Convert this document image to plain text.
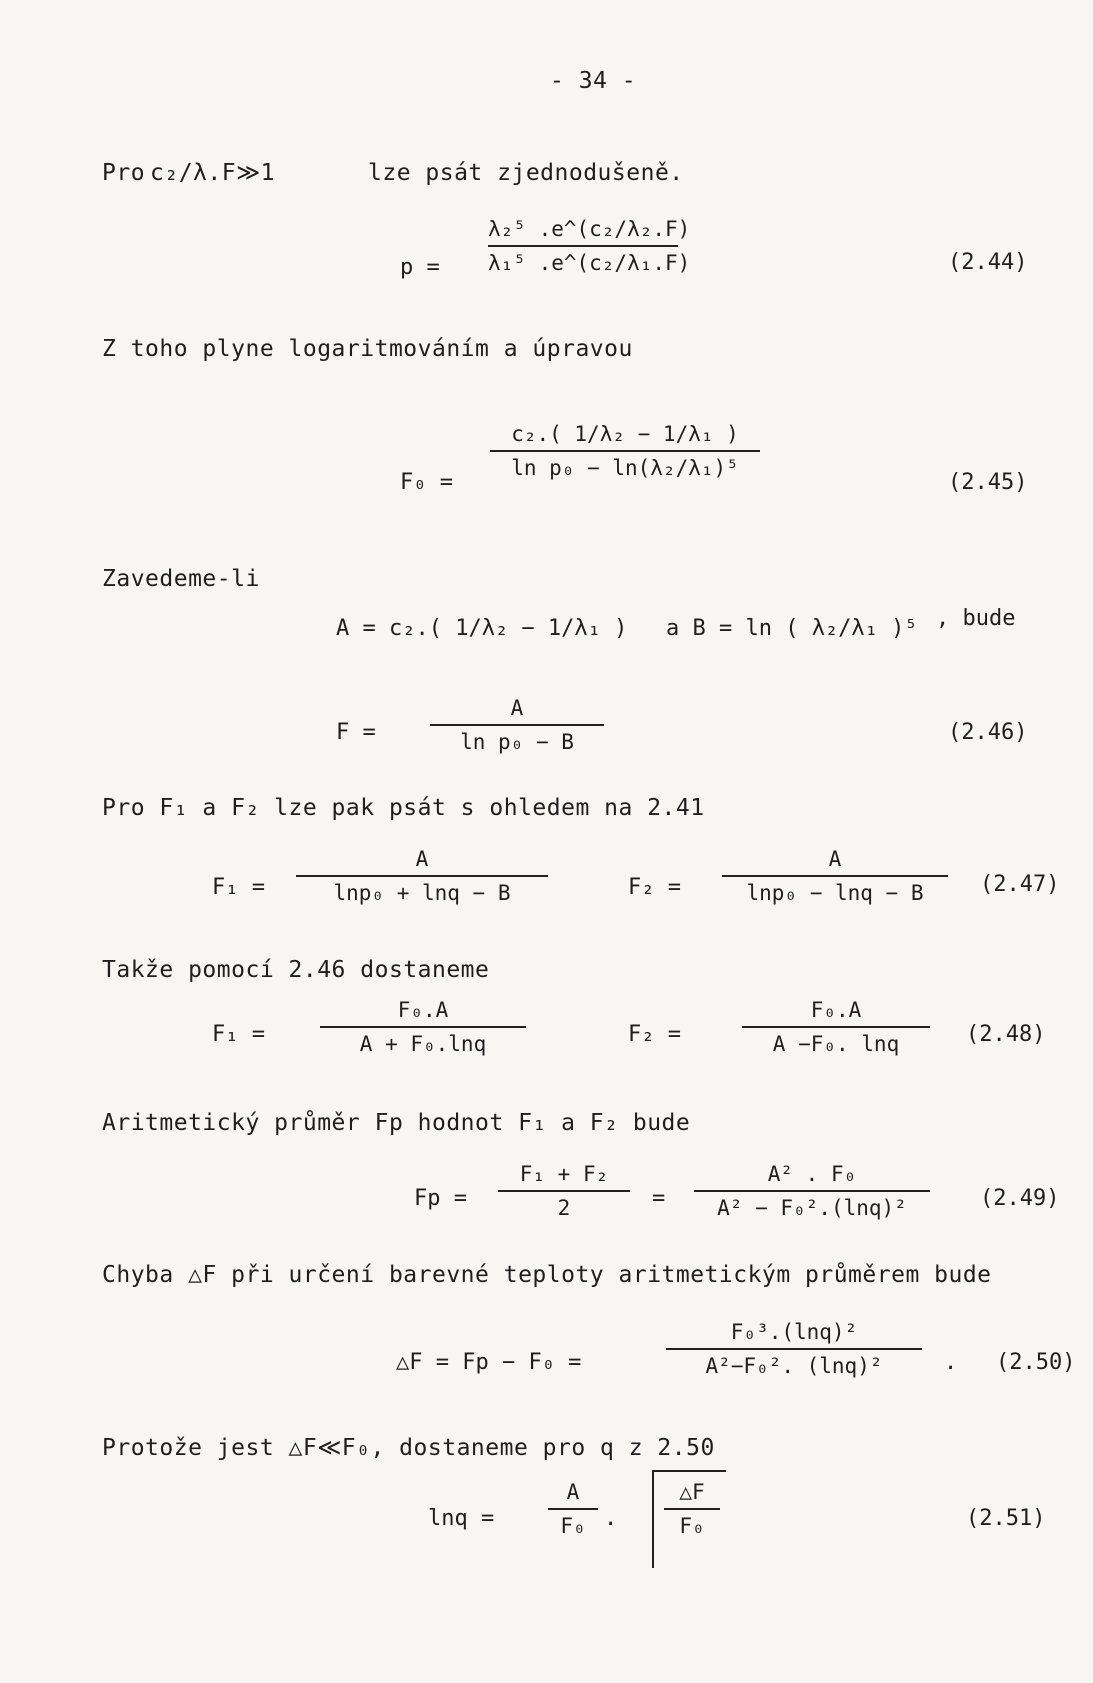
- 34 -
Pro c₂/λ.F≫1	lze psát zjednodušeně.
p =
λ₂⁵ .e^(c₂/λ₂.F)
λ₁⁵ .e^(c₂/λ₁.F)	(2.44)
Z toho plyne logaritmováním a úpravou
F₀ =
c₂.( 1/λ₂ − 1/λ₁ )
ln p₀ − ln(λ₂/λ₁)⁵
(2.45)
Zavedeme-li
A = c₂.( 1/λ₂ − 1/λ₁ ) a B = ln ( λ₂/λ₁ )⁵ , bude
F =
A
ln p₀ − B	(2.46)
Pro F₁ a F₂ lze pak psát s ohledem na 2.41
F₁ =
A
lnp₀ + lnq − B	F₂ =
A
lnp₀ − lnq − B	(2.47)
Takže pomocí 2.46 dostaneme
F₁ =
F₀.A
A + F₀.lnq	F₂ =
F₀.A
A −F₀. lnq	(2.48)
Aritmetický průměr Fp hodnot F₁ a F₂ bude
Fp =
F₁ + F₂
2	=
A² . F₀
A² − F₀².(lnq)²	(2.49)
Chyba △F při určení barevné teploty aritmetickým průměrem bude
△F = Fp − F₀ =
F₀³.(lnq)²
A²−F₀². (lnq)²	. (2.50)
Protože jest △F≪F₀, dostaneme pro q z 2.50
lnq =
A
F₀ .
△F
F₀	(2.51)
